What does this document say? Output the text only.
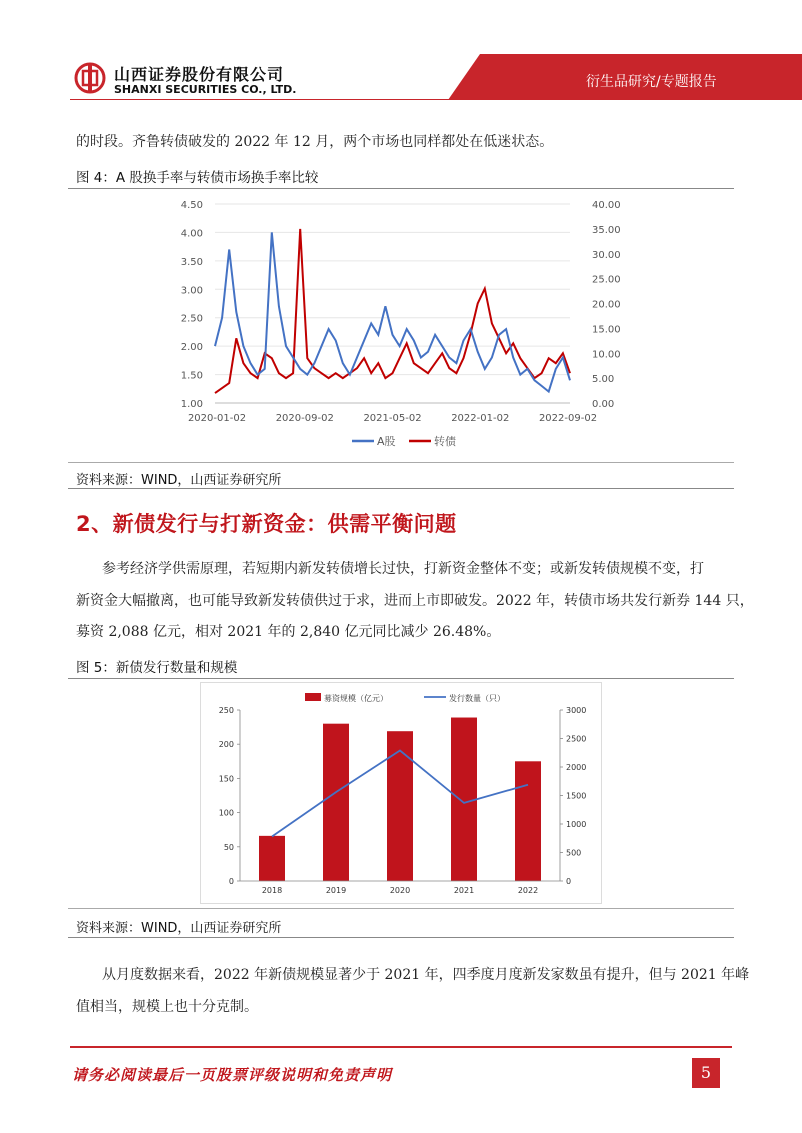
山西证券股份有限公司
SHANXI SECURITIES CO., LTD.	衍生品研究/专题报告
的时段。齐鲁转债破发的 2022 年 12 月，两个市场也同样都处在低迷状态。
图 4：A 股换手率与转债市场换手率比较
4.50
4.00
3.50
3.00
2.50
2.00
1.50
1.00
40.00
35.00
30.00
25.00
20.00
15.00
10.00
5.00
0.00
2020-01-02	2020-09-02	2021-05-02	2022-01-02	2022-09-02
A股	转债
资料来源：WIND，山西证券研究所
2、新债发行与打新资金：供需平衡问题
参考经济学供需原理，若短期内新发转债增长过快，打新资金整体不变；或新发转债规模不变，打
新资金大幅撤离，也可能导致新发转债供过于求，进而上市即破发。2022 年，转债市场共发行新券 144 只，
募资 2,088 亿元，相对 2021 年的 2,840 亿元同比减少 26.48%。
图 5：新债发行数量和规模
募资规模（亿元）	发行数量（只）
250
200
150
100
50
0
3000
2500
2000
1500
1000
500
0
2018	2019	2020	2021	2022
资料来源：WIND，山西证券研究所
从月度数据来看，2022 年新债规模显著少于 2021 年，四季度月度新发家数虽有提升，但与 2021 年峰
值相当，规模上也十分克制。
请务必阅读最后一页股票评级说明和免责声明	5
